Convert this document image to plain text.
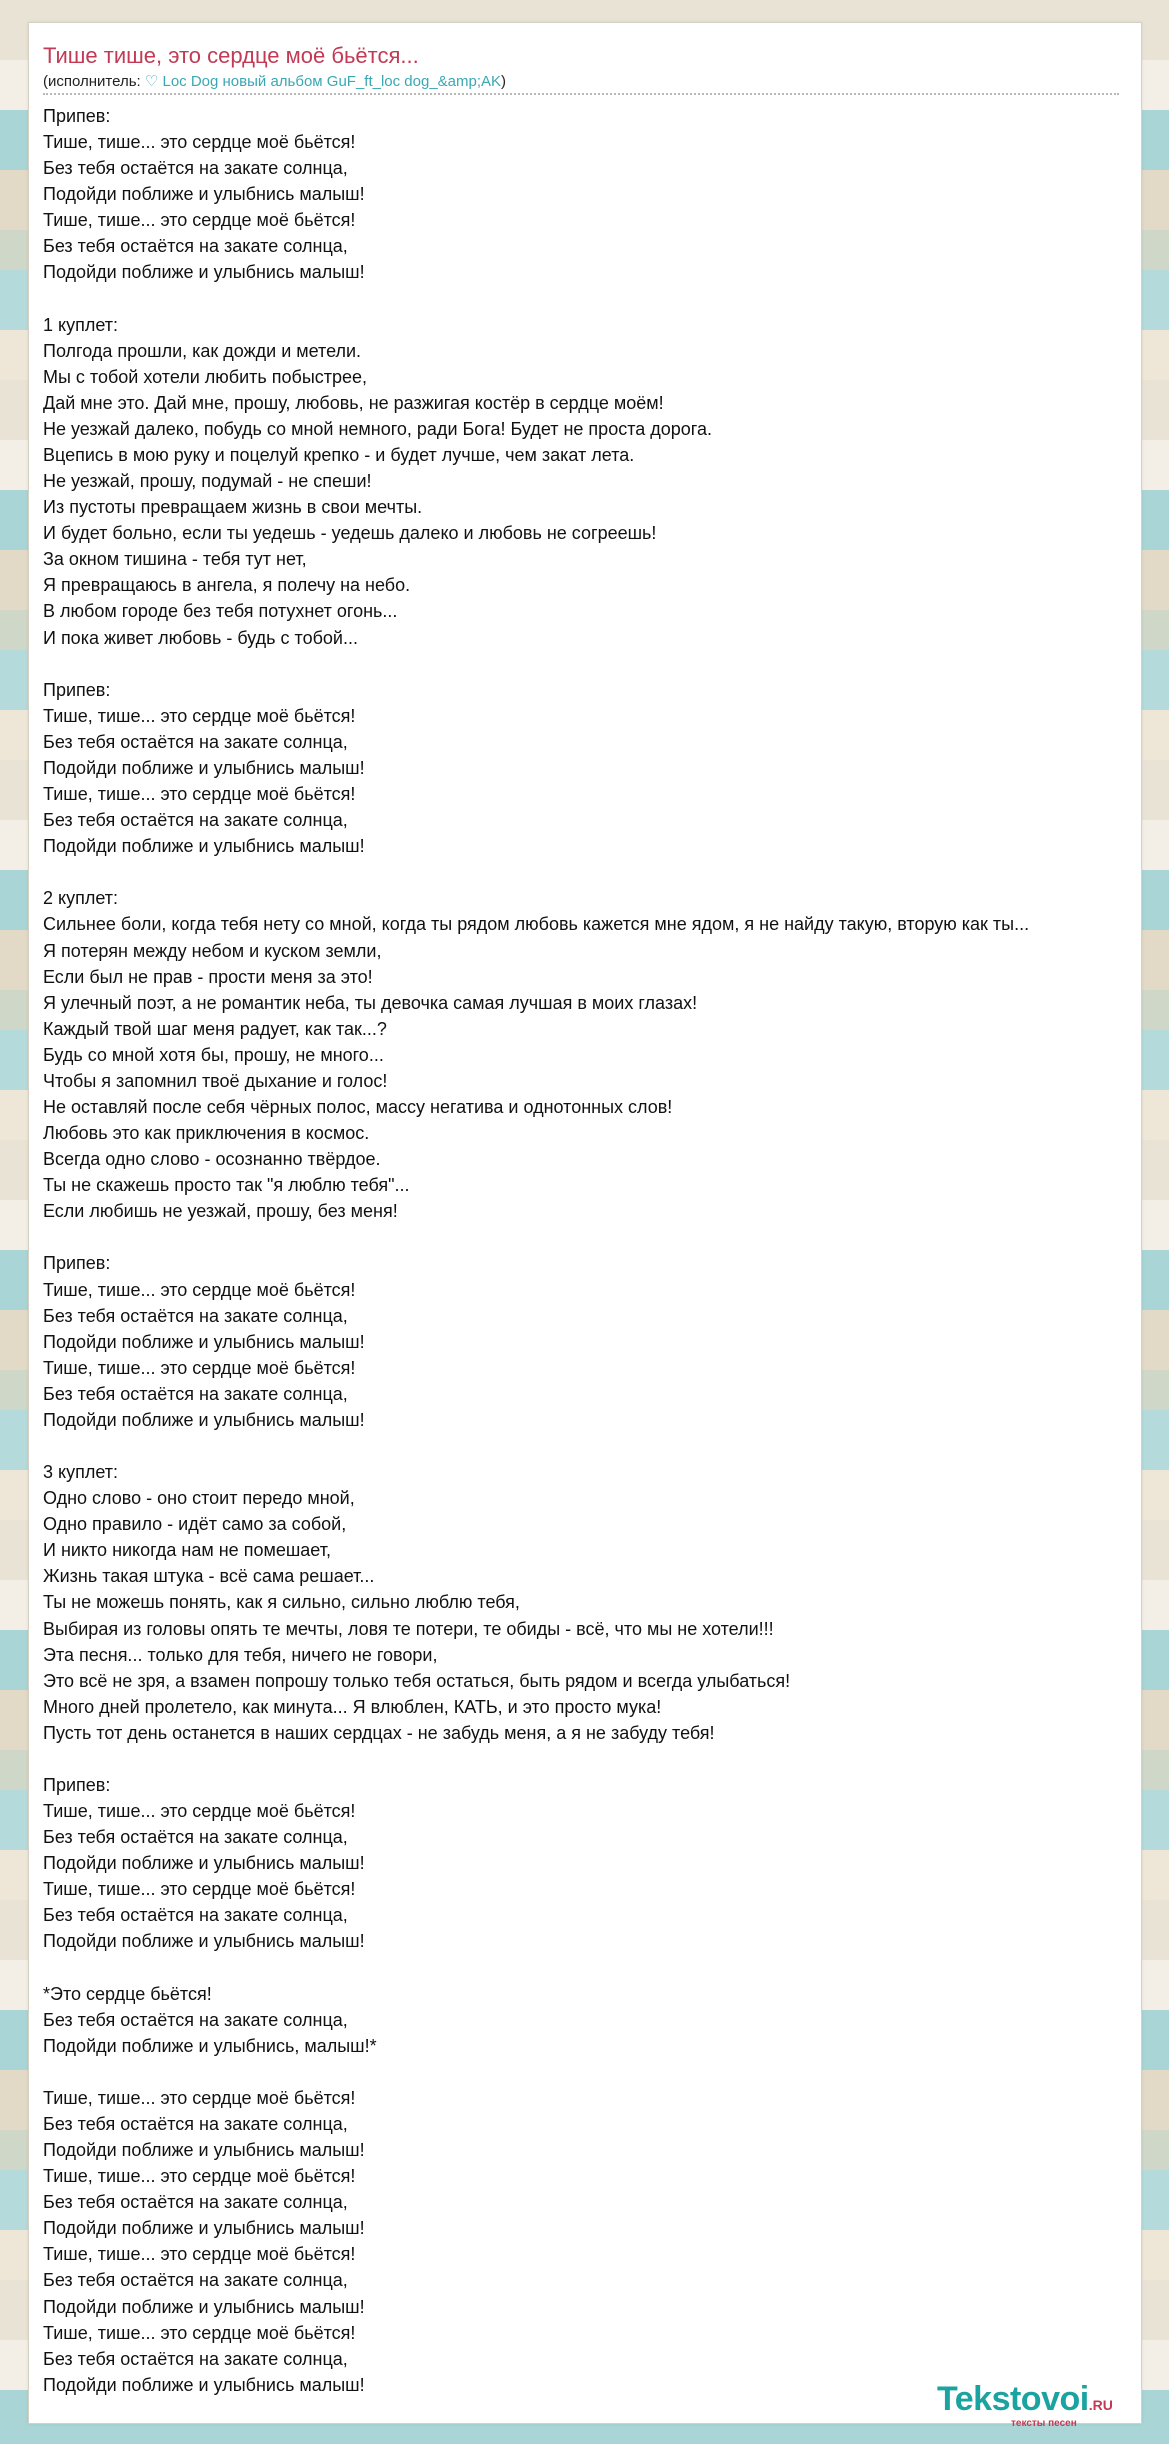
Тише тише, это сердце моё бьётся...
(исполнитель: ♡ Loc Dog новый альбом GuF_ft_loc dog_&amp;AK)
Припев:
Тише, тише... это сердце моё бьётся!
Без тебя остаётся на закате солнца,
Подойди поближе и улыбнись малыш!
Тише, тише... это сердце моё бьётся!
Без тебя остаётся на закате солнца,
Подойди поближе и улыбнись малыш!

1 куплет:
Полгода прошли, как дожди и метели.
Мы с тобой хотели любить побыстрее,
Дай мне это. Дай мне, прошу, любовь, не разжигая костёр в сердце моём!
Не уезжай далеко, побудь со мной немного, ради Бога! Будет не проста дорога.
Вцепись в мою руку и поцелуй крепко - и будет лучше, чем закат лета.
Не уезжай, прошу, подумай - не спеши!
Из пустоты превращаем жизнь в свои мечты.
И будет больно, если ты уедешь - уедешь далеко и любовь не согреешь!
За окном тишина - тебя тут нет,
Я превращаюсь в ангела, я полечу на небо.
В любом городе без тебя потухнет огонь...
И пока живет любовь - будь с тобой...

Припев:
Тише, тише... это сердце моё бьётся!
Без тебя остаётся на закате солнца,
Подойди поближе и улыбнись малыш!
Тише, тише... это сердце моё бьётся!
Без тебя остаётся на закате солнца,
Подойди поближе и улыбнись малыш!

2 куплет:
Сильнее боли, когда тебя нету со мной, когда ты рядом любовь кажется мне ядом, я не найду такую, вторую как ты...
Я потерян между небом и куском земли,
Если был не прав - прости меня за это!
Я улечный поэт, а не романтик неба, ты девочка самая лучшая в моих глазах!
Каждый твой шаг меня радует, как так...?
Будь со мной хотя бы, прошу, не много...
Чтобы я запомнил твоё дыхание и голос!
Не оставляй после себя чёрных полос, массу негатива и однотонных слов!
Любовь это как приключения в космос.
Всегда одно слово - осознанно твёрдое.
Ты не скажешь просто так "я люблю тебя"...
Если любишь не уезжай, прошу, без меня!

Припев:
Тише, тише... это сердце моё бьётся!
Без тебя остаётся на закате солнца,
Подойди поближе и улыбнись малыш!
Тише, тише... это сердце моё бьётся!
Без тебя остаётся на закате солнца,
Подойди поближе и улыбнись малыш!

3 куплет:
Одно слово - оно стоит передо мной,
Одно правило - идёт само за собой,
И никто никогда нам не помешает,
Жизнь такая штука - всё сама решает...
Ты не можешь понять, как я сильно, сильно люблю тебя,
Выбирая из головы опять те мечты, ловя те потери, те обиды - всё, что мы не хотели!!!
Эта песня... только для тебя, ничего не говори,
Это всё не зря, а взамен попрошу только тебя остаться, быть рядом и всегда улыбаться!
Много дней пролетело, как минута... Я влюблен, КАТЬ, и это просто мука!
Пусть тот день останется в наших сердцах - не забудь меня, а я не забуду тебя!

Припев:
Тише, тише... это сердце моё бьётся!
Без тебя остаётся на закате солнца,
Подойди поближе и улыбнись малыш!
Тише, тише... это сердце моё бьётся!
Без тебя остаётся на закате солнца,
Подойди поближе и улыбнись малыш!

*Это сердце бьётся!
Без тебя остаётся на закате солнца,
Подойди поближе и улыбнись, малыш!*

Тише, тише... это сердце моё бьётся!
Без тебя остаётся на закате солнца,
Подойди поближе и улыбнись малыш!
Тише, тише... это сердце моё бьётся!
Без тебя остаётся на закате солнца,
Подойди поближе и улыбнись малыш!
Тише, тише... это сердце моё бьётся!
Без тебя остаётся на закате солнца,
Подойди поближе и улыбнись малыш!
Тише, тише... это сердце моё бьётся!
Без тебя остаётся на закате солнца,
Подойди поближе и улыбнись малыш!	Tekstovoi.RU
тексты песен
